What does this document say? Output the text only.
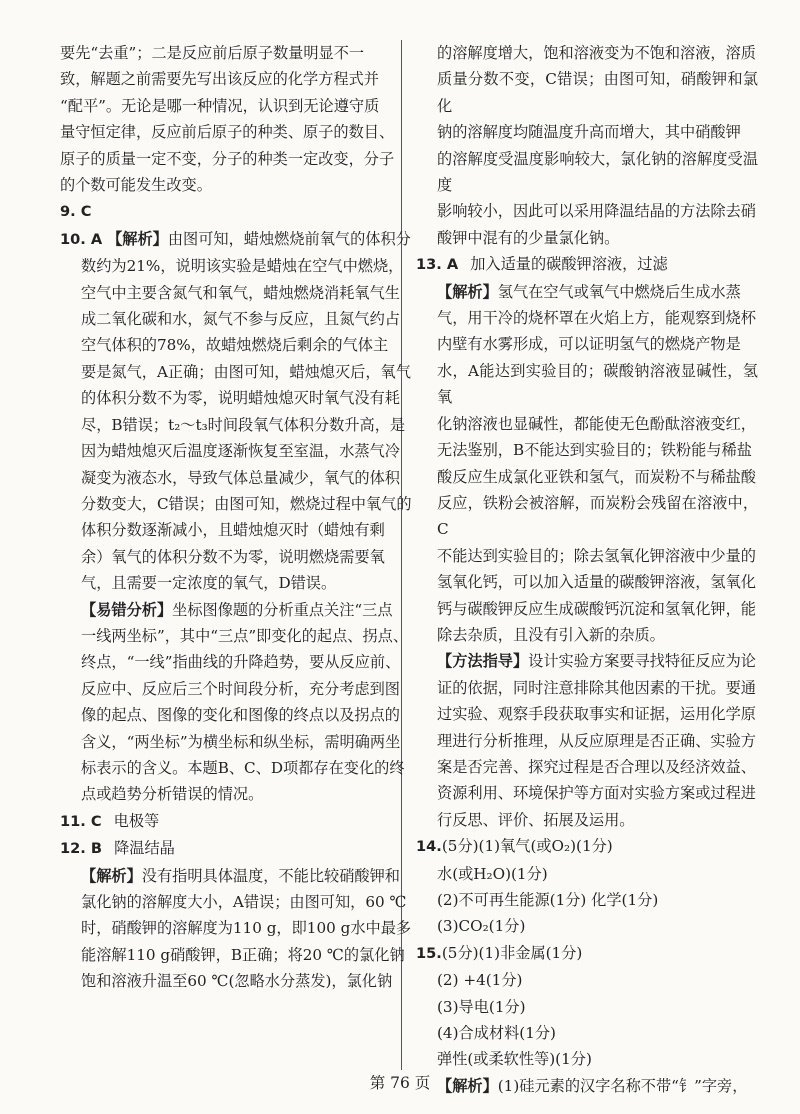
要先“去重”；二是反应前后原子数量明显不一
致，解题之前需要先写出该反应的化学方程式并
“配平”。无论是哪一种情况，认识到无论遵守质
量守恒定律，反应前后原子的种类、原子的数目、
原子的质量一定不变，分子的种类一定改变，分子
的个数可能发生改变。

9. C

10. A 【解析】由图可知，蜡烛燃烧前氧气的体积分

数约为21%，说明该实验是蜡烛在空气中燃烧，
空气中主要含氮气和氧气，蜡烛燃烧消耗氧气生
成二氧化碳和水，氮气不参与反应，且氮气约占
空气体积的78%，故蜡烛燃烧后剩余的气体主
要是氮气，A正确；由图可知，蜡烛熄灭后，氧气
的体积分数不为零，说明蜡烛熄灭时氧气没有耗
尽，B错误；t₂～t₃时间段氧气体积分数升高，是
因为蜡烛熄灭后温度逐渐恢复至室温，水蒸气冷
凝变为液态水，导致气体总量减少，氧气的体积
分数变大，C错误；由图可知，燃烧过程中氧气的
体积分数逐渐减小，且蜡烛熄灭时（蜡烛有剩
余）氧气的体积分数不为零，说明燃烧需要氧
气，且需要一定浓度的氧气，D错误。

【易错分析】坐标图像题的分析重点关注“三点

一线两坐标”，其中“三点”即变化的起点、拐点、
终点，“一线”指曲线的升降趋势，要从反应前、
反应中、反应后三个时间段分析，充分考虑到图
像的起点、图像的变化和图像的终点以及拐点的
含义，“两坐标”为横坐标和纵坐标，需明确两坐
标表示的含义。本题B、C、D项都存在变化的终
点或趋势分析错误的情况。

11. C 电极等

12. B 降温结晶

【解析】没有指明具体温度，不能比较硝酸钾和

氯化钠的溶解度大小，A错误；由图可知，60 ℃
时，硝酸钾的溶解度为110 g，即100 g水中最多
能溶解110 g硝酸钾，B正确；将20 ℃的氯化钠
饱和溶液升温至60 ℃(忽略水分蒸发)，氯化钠
的溶解度增大，饱和溶液变为不饱和溶液，溶质
质量分数不变，C错误；由图可知，硝酸钾和氯化
钠的溶解度均随温度升高而增大，其中硝酸钾
的溶解度受温度影响较大，氯化钠的溶解度受温度
影响较小，因此可以采用降温结晶的方法除去硝
酸钾中混有的少量氯化钠。

13. A 加入适量的碳酸钾溶液，过滤

【解析】氢气在空气或氧气中燃烧后生成水蒸

气，用干冷的烧杯罩在火焰上方，能观察到烧杯
内壁有水雾形成，可以证明氢气的燃烧产物是
水，A能达到实验目的；碳酸钠溶液显碱性，氢氧
化钠溶液也显碱性，都能使无色酚酞溶液变红，
无法鉴别，B不能达到实验目的；铁粉能与稀盐
酸反应生成氯化亚铁和氢气，而炭粉不与稀盐酸
反应，铁粉会被溶解，而炭粉会残留在溶液中，C
不能达到实验目的；除去氢氧化钾溶液中少量的
氢氧化钙，可以加入适量的碳酸钾溶液，氢氧化
钙与碳酸钾反应生成碳酸钙沉淀和氢氧化钾，能
除去杂质，且没有引入新的杂质。

【方法指导】设计实验方案要寻找特征反应为论

证的依据，同时注意排除其他因素的干扰。要通
过实验、观察手段获取事实和证据，运用化学原
理进行分析推理，从反应原理是否正确、实验方
案是否完善、探究过程是否合理以及经济效益、
资源利用、环境保护等方面对实验方案或过程进
行反思、评价、拓展及运用。

14.(5分)(1)氧气(或O₂)(1分)

水(或H₂O)(1分)
(2)不可再生能源(1分) 化学(1分)
(3)CO₂(1分)

15.(5分)(1)非金属(1分)

(2) +4(1分)
(3)导电(1分)
(4)合成材料(1分)
弹性(或柔软性等)(1分)

【解析】(1)硅元素的汉字名称不带“钅”字旁，

第 76 页
